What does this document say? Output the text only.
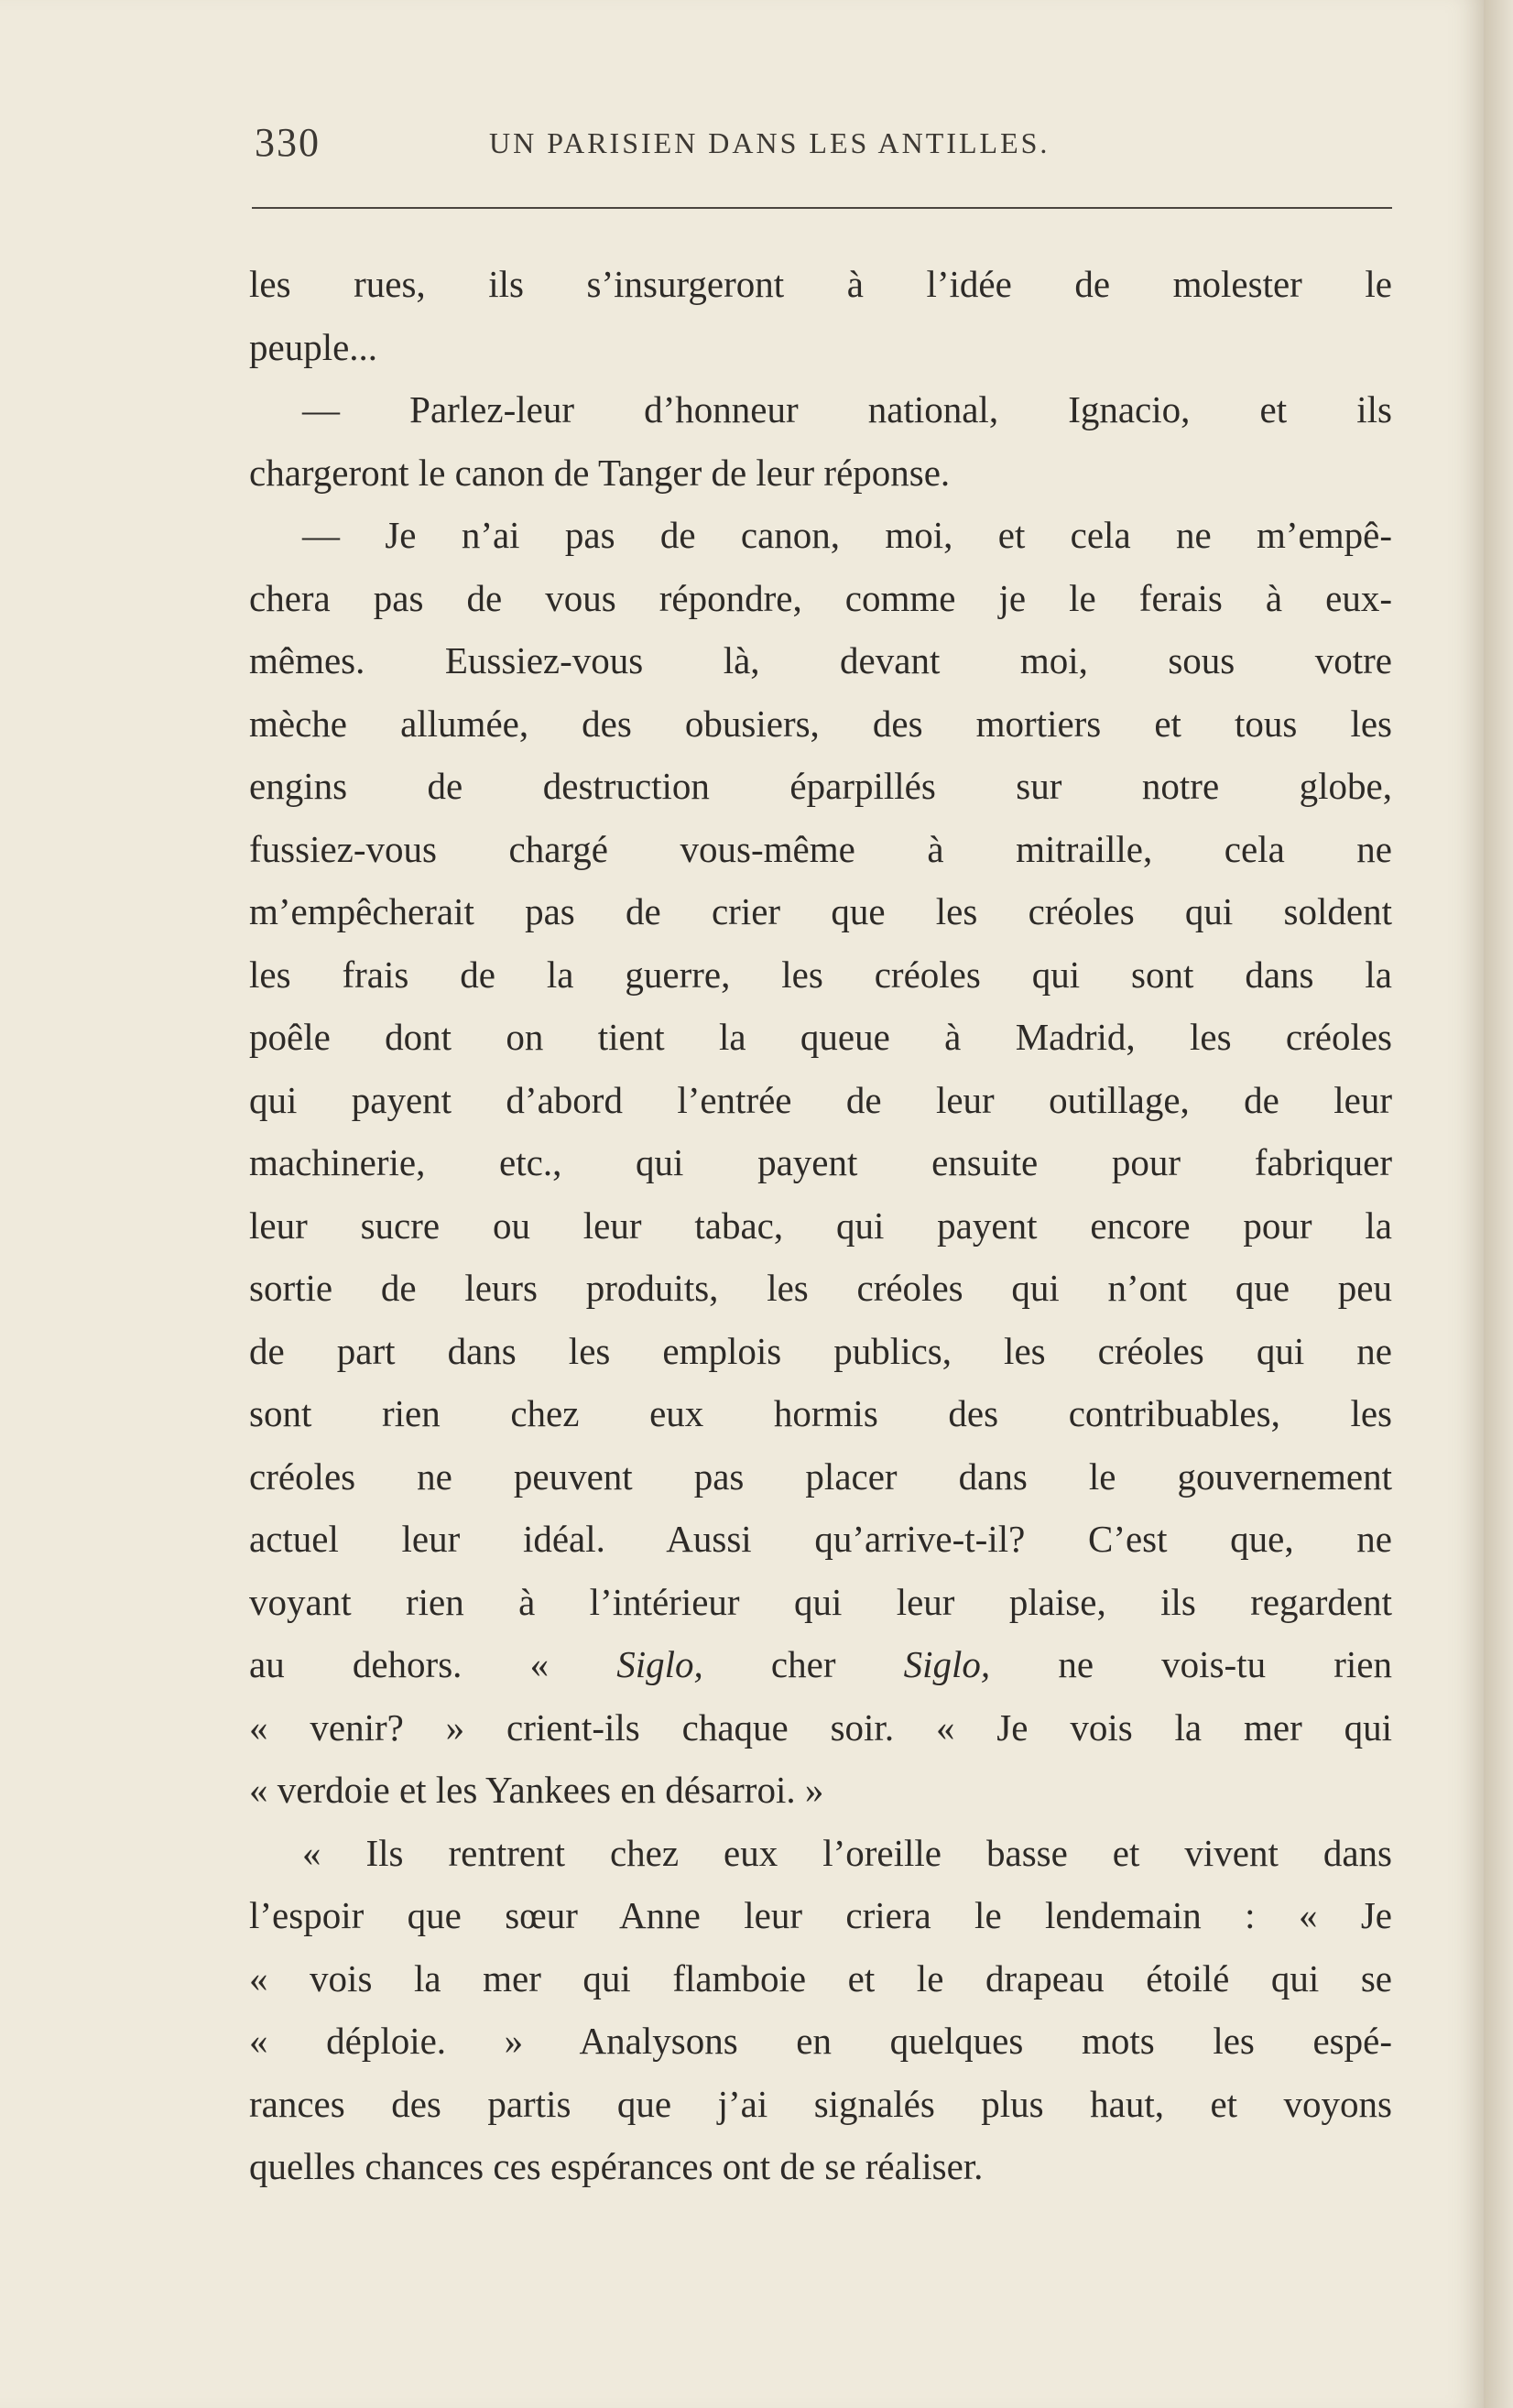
330	UN PARISIEN DANS LES ANTILLES.
les rues, ils s’insurgeront à l’idée de molester le
peuple...
— Parlez-leur d’honneur national, Ignacio, et ils
chargeront le canon de Tanger de leur réponse.
— Je n’ai pas de canon, moi, et cela ne m’empê-
chera pas de vous répondre, comme je le ferais à eux-
mêmes. Eussiez-vous là, devant moi, sous votre
mèche allumée, des obusiers, des mortiers et tous les
engins de destruction éparpillés sur notre globe,
fussiez-vous chargé vous-même à mitraille, cela ne
m’empêcherait pas de crier que les créoles qui soldent
les frais de la guerre, les créoles qui sont dans la
poêle dont on tient la queue à Madrid, les créoles
qui payent d’abord l’entrée de leur outillage, de leur
machinerie, etc., qui payent ensuite pour fabriquer
leur sucre ou leur tabac, qui payent encore pour la
sortie de leurs produits, les créoles qui n’ont que peu
de part dans les emplois publics, les créoles qui ne
sont rien chez eux hormis des contribuables, les
créoles ne peuvent pas placer dans le gouvernement
actuel leur idéal. Aussi qu’arrive-t-il? C’est que, ne
voyant rien à l’intérieur qui leur plaise, ils regardent
au dehors. « Siglo, cher Siglo, ne vois-tu rien
« venir? » crient-ils chaque soir. « Je vois la mer qui
« verdoie et les Yankees en désarroi. »
« Ils rentrent chez eux l’oreille basse et vivent dans
l’espoir que sœur Anne leur criera le lendemain : « Je
« vois la mer qui flamboie et le drapeau étoilé qui se
« déploie. » Analysons en quelques mots les espé-
rances des partis que j’ai signalés plus haut, et voyons
quelles chances ces espérances ont de se réaliser.
